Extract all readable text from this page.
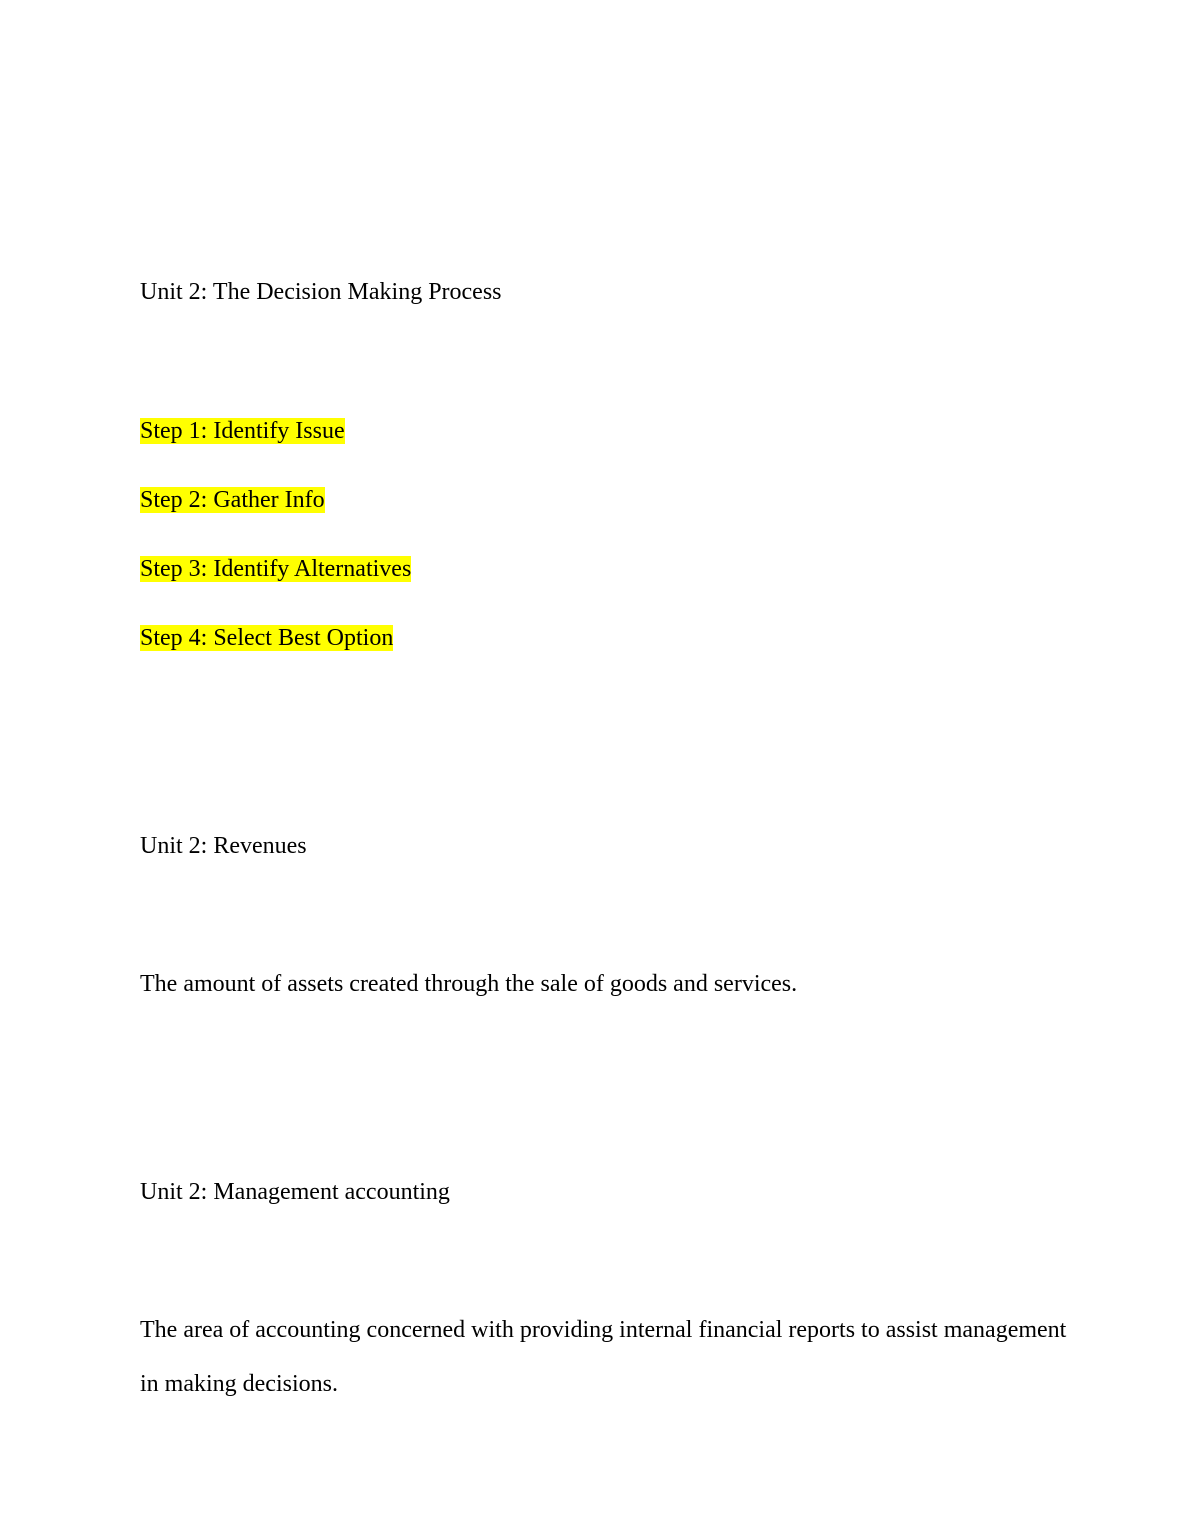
Unit 2: The Decision Making Process

Step 1: Identify Issue

Step 2: Gather Info

Step 3: Identify Alternatives

Step 4: Select Best Option

Unit 2: Revenues

The amount of assets created through the sale of goods and services.

Unit 2: Management accounting

The area of accounting concerned with providing internal financial reports to assist management

in making decisions.
